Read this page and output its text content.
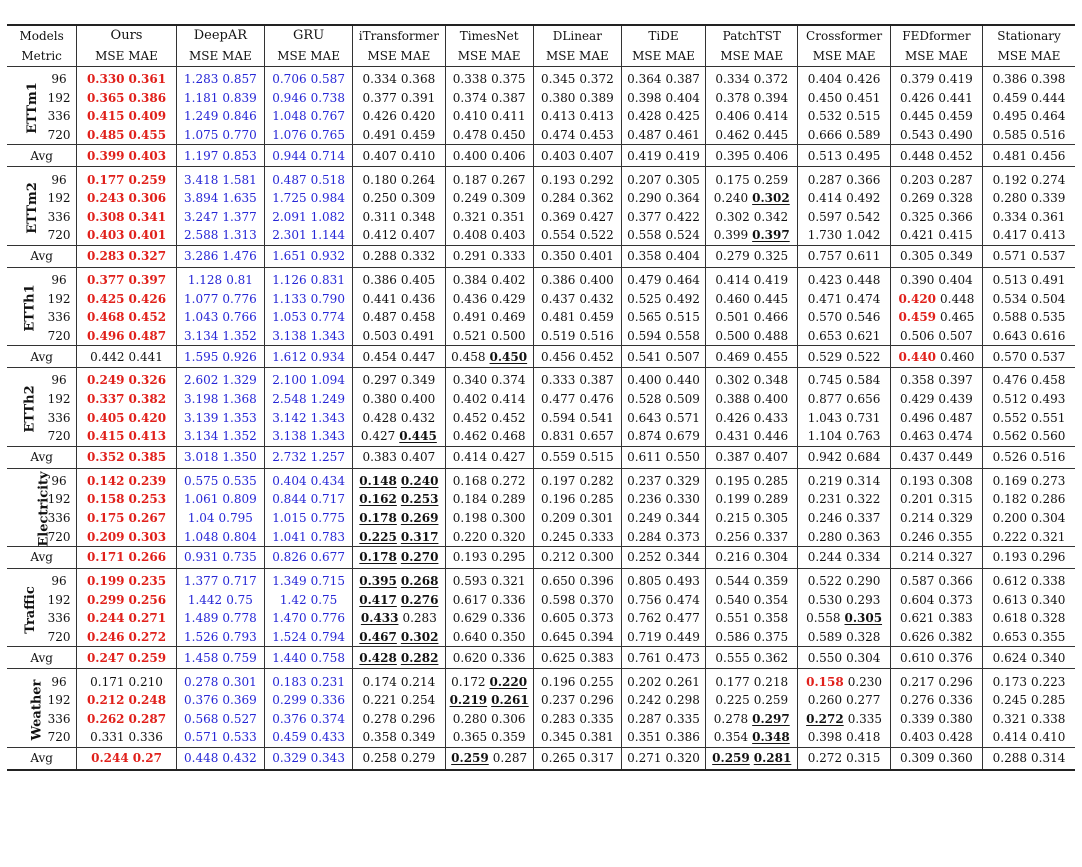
Models		Ours	DeepAR	GRU	iTransformer	TimesNet	DLinear	TiDE	PatchTST	Crossformer	FEDformer	Stationary
Metric		MSE MAE	MSE MAE	MSE MAE	MSE MAE	MSE MAE	MSE MAE	MSE MAE	MSE MAE	MSE MAE	MSE MAE	MSE MAE
ETTm1	96	0.330 0.361	1.283 0.857	0.706 0.587	0.334 0.368	0.338 0.375	0.345 0.372	0.364 0.387	0.334 0.372	0.404 0.426	0.379 0.419	0.386 0.398
	192	0.365 0.386	1.181 0.839	0.946 0.738	0.377 0.391	0.374 0.387	0.380 0.389	0.398 0.404	0.378 0.394	0.450 0.451	0.426 0.441	0.459 0.444
	336	0.415 0.409	1.249 0.846	1.048 0.767	0.426 0.420	0.410 0.411	0.413 0.413	0.428 0.425	0.406 0.414	0.532 0.515	0.445 0.459	0.495 0.464
	720	0.485 0.455	1.075 0.770	1.076 0.765	0.491 0.459	0.478 0.450	0.474 0.453	0.487 0.461	0.462 0.445	0.666 0.589	0.543 0.490	0.585 0.516
Avg		0.399 0.403	1.197 0.853	0.944 0.714	0.407 0.410	0.400 0.406	0.403 0.407	0.419 0.419	0.395 0.406	0.513 0.495	0.448 0.452	0.481 0.456
ETTm2	96	0.177 0.259	3.418 1.581	0.487 0.518	0.180 0.264	0.187 0.267	0.193 0.292	0.207 0.305	0.175 0.259	0.287 0.366	0.203 0.287	0.192 0.274
	192	0.243 0.306	3.894 1.635	1.725 0.984	0.250 0.309	0.249 0.309	0.284 0.362	0.290 0.364	0.240 0.302	0.414 0.492	0.269 0.328	0.280 0.339
	336	0.308 0.341	3.247 1.377	2.091 1.082	0.311 0.348	0.321 0.351	0.369 0.427	0.377 0.422	0.302 0.342	0.597 0.542	0.325 0.366	0.334 0.361
	720	0.403 0.401	2.588 1.313	2.301 1.144	0.412 0.407	0.408 0.403	0.554 0.522	0.558 0.524	0.399 0.397	1.730 1.042	0.421 0.415	0.417 0.413
Avg		0.283 0.327	3.286 1.476	1.651 0.932	0.288 0.332	0.291 0.333	0.350 0.401	0.358 0.404	0.279 0.325	0.757 0.611	0.305 0.349	0.571 0.537
ETTh1	96	0.377 0.397	1.128 0.81	1.126 0.831	0.386 0.405	0.384 0.402	0.386 0.400	0.479 0.464	0.414 0.419	0.423 0.448	0.390 0.404	0.513 0.491
	192	0.425 0.426	1.077 0.776	1.133 0.790	0.441 0.436	0.436 0.429	0.437 0.432	0.525 0.492	0.460 0.445	0.471 0.474	0.420 0.448	0.534 0.504
	336	0.468 0.452	1.043 0.766	1.053 0.774	0.487 0.458	0.491 0.469	0.481 0.459	0.565 0.515	0.501 0.466	0.570 0.546	0.459 0.465	0.588 0.535
	720	0.496 0.487	3.134 1.352	3.138 1.343	0.503 0.491	0.521 0.500	0.519 0.516	0.594 0.558	0.500 0.488	0.653 0.621	0.506 0.507	0.643 0.616
Avg		0.442 0.441	1.595 0.926	1.612 0.934	0.454 0.447	0.458 0.450	0.456 0.452	0.541 0.507	0.469 0.455	0.529 0.522	0.440 0.460	0.570 0.537
ETTh2	96	0.249 0.326	2.602 1.329	2.100 1.094	0.297 0.349	0.340 0.374	0.333 0.387	0.400 0.440	0.302 0.348	0.745 0.584	0.358 0.397	0.476 0.458
	192	0.337 0.382	3.198 1.368	2.548 1.249	0.380 0.400	0.402 0.414	0.477 0.476	0.528 0.509	0.388 0.400	0.877 0.656	0.429 0.439	0.512 0.493
	336	0.405 0.420	3.139 1.353	3.142 1.343	0.428 0.432	0.452 0.452	0.594 0.541	0.643 0.571	0.426 0.433	1.043 0.731	0.496 0.487	0.552 0.551
	720	0.415 0.413	3.134 1.352	3.138 1.343	0.427 0.445	0.462 0.468	0.831 0.657	0.874 0.679	0.431 0.446	1.104 0.763	0.463 0.474	0.562 0.560
Avg		0.352 0.385	3.018 1.350	2.732 1.257	0.383 0.407	0.414 0.427	0.559 0.515	0.611 0.550	0.387 0.407	0.942 0.684	0.437 0.449	0.526 0.516
Electricity	96	0.142 0.239	0.575 0.535	0.404 0.434	0.148 0.240	0.168 0.272	0.197 0.282	0.237 0.329	0.195 0.285	0.219 0.314	0.193 0.308	0.169 0.273
	192	0.158 0.253	1.061 0.809	0.844 0.717	0.162 0.253	0.184 0.289	0.196 0.285	0.236 0.330	0.199 0.289	0.231 0.322	0.201 0.315	0.182 0.286
	336	0.175 0.267	1.04 0.795	1.015 0.775	0.178 0.269	0.198 0.300	0.209 0.301	0.249 0.344	0.215 0.305	0.246 0.337	0.214 0.329	0.200 0.304
	720	0.209 0.303	1.048 0.804	1.041 0.783	0.225 0.317	0.220 0.320	0.245 0.333	0.284 0.373	0.256 0.337	0.280 0.363	0.246 0.355	0.222 0.321
Avg		0.171 0.266	0.931 0.735	0.826 0.677	0.178 0.270	0.193 0.295	0.212 0.300	0.252 0.344	0.216 0.304	0.244 0.334	0.214 0.327	0.193 0.296
Traffic	96	0.199 0.235	1.377 0.717	1.349 0.715	0.395 0.268	0.593 0.321	0.650 0.396	0.805 0.493	0.544 0.359	0.522 0.290	0.587 0.366	0.612 0.338
	192	0.299 0.256	1.442 0.75	1.42 0.75	0.417 0.276	0.617 0.336	0.598 0.370	0.756 0.474	0.540 0.354	0.530 0.293	0.604 0.373	0.613 0.340
	336	0.244 0.271	1.489 0.778	1.470 0.776	0.433 0.283	0.629 0.336	0.605 0.373	0.762 0.477	0.551 0.358	0.558 0.305	0.621 0.383	0.618 0.328
	720	0.246 0.272	1.526 0.793	1.524 0.794	0.467 0.302	0.640 0.350	0.645 0.394	0.719 0.449	0.586 0.375	0.589 0.328	0.626 0.382	0.653 0.355
Avg		0.247 0.259	1.458 0.759	1.440 0.758	0.428 0.282	0.620 0.336	0.625 0.383	0.761 0.473	0.555 0.362	0.550 0.304	0.610 0.376	0.624 0.340
Weather	96	0.171 0.210	0.278 0.301	0.183 0.231	0.174 0.214	0.172 0.220	0.196 0.255	0.202 0.261	0.177 0.218	0.158 0.230	0.217 0.296	0.173 0.223
	192	0.212 0.248	0.376 0.369	0.299 0.336	0.221 0.254	0.219 0.261	0.237 0.296	0.242 0.298	0.225 0.259	0.260 0.277	0.276 0.336	0.245 0.285
	336	0.262 0.287	0.568 0.527	0.376 0.374	0.278 0.296	0.280 0.306	0.283 0.335	0.287 0.335	0.278 0.297	0.272 0.335	0.339 0.380	0.321 0.338
	720	0.331 0.336	0.571 0.533	0.459 0.433	0.358 0.349	0.365 0.359	0.345 0.381	0.351 0.386	0.354 0.348	0.398 0.418	0.403 0.428	0.414 0.410
Avg		0.244 0.27	0.448 0.432	0.329 0.343	0.258 0.279	0.259 0.287	0.265 0.317	0.271 0.320	0.259 0.281	0.272 0.315	0.309 0.360	0.288 0.314
